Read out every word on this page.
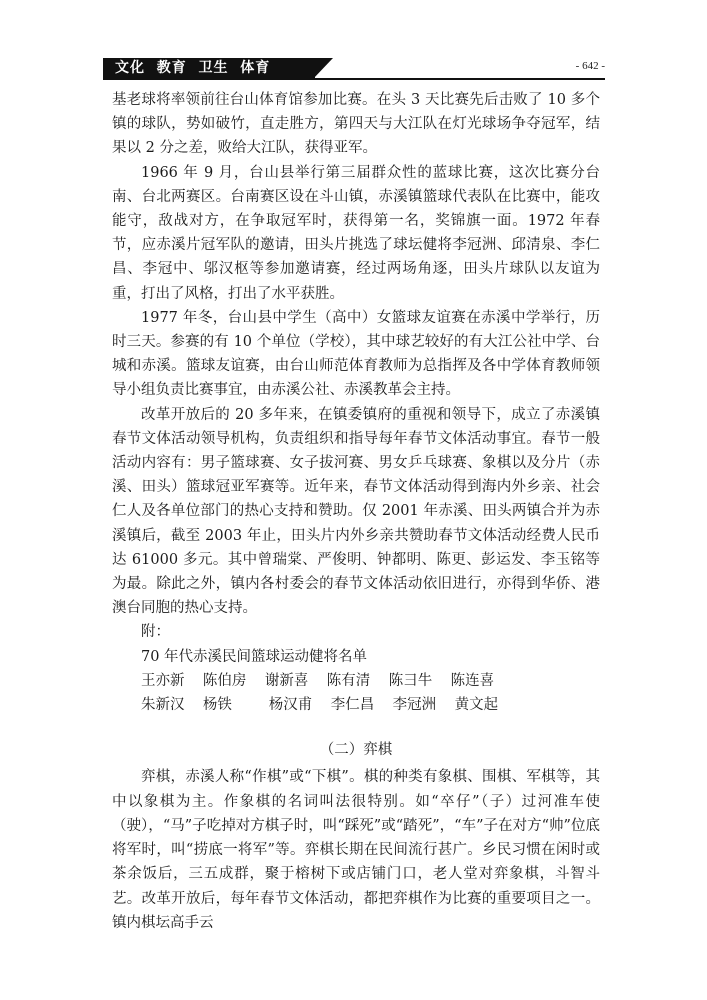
文化  教育  卫生  体育	- 642 -

基老球将率领前往台山体育馆参加比赛。在头 3 天比赛先后击败了 10 多个镇的球队，势如破竹，直走胜方，第四天与大江队在灯光球场争夺冠军，结果以 2 分之差，败给大江队，获得亚军。

1966 年 9 月，台山县举行第三届群众性的蓝球比赛，这次比赛分台南、台北两赛区。台南赛区设在斗山镇，赤溪镇篮球代表队在比赛中，能攻能守，敌战对方，在争取冠军时，获得第一名，奖锦旗一面。1972 年春节，应赤溪片冠军队的邀请，田头片挑选了球坛健将李冠洲、邱清泉、李仁昌、李冠中、邬汉枢等参加邀请赛，经过两场角逐，田头片球队以友谊为重，打出了风格，打出了水平获胜。

1977 年冬，台山县中学生（高中）女篮球友谊赛在赤溪中学举行，历时三天。参赛的有 10 个单位（学校），其中球艺较好的有大江公社中学、台城和赤溪。篮球友谊赛，由台山师范体育教师为总指挥及各中学体育教师领导小组负责比赛事宜，由赤溪公社、赤溪教革会主持。

改革开放后的 20 多年来，在镇委镇府的重视和领导下，成立了赤溪镇春节文体活动领导机构，负责组织和指导每年春节文体活动事宜。春节一般活动内容有：男子篮球赛、女子拔河赛、男女乒乓球赛、象棋以及分片（赤溪、田头）篮球冠亚军赛等。近年来，春节文体活动得到海内外乡亲、社会仁人及各单位部门的热心支持和赞助。仅 2001 年赤溪、田头两镇合并为赤溪镇后，截至 2003 年止，田头片内外乡亲共赞助春节文体活动经费人民币达 61000 多元。其中曾瑞棠、严俊明、钟都明、陈更、彭运发、李玉铭等为最。除此之外，镇内各村委会的春节文体活动依旧进行，亦得到华侨、港澳台同胞的热心支持。

附：

70 年代赤溪民间篮球运动健将名单

王亦新    陈伯房    谢新喜    陈有清    陈彐牛    陈连喜

朱新汉    杨铁        杨汉甫    李仁昌    李冠洲    黄文起

（二）弈棋

弈棋，赤溪人称“作棋”或“下棋”。棋的种类有象棋、围棋、军棋等，其中以象棋为主。作象棋的名词叫法很特别。如“卒仔”（子）过河准车使（驶），“马”子吃掉对方棋子时，叫“踩死”或“踏死”，“车”子在对方“帅”位底将军时，叫“捞底一将军”等。弈棋长期在民间流行甚广。乡民习惯在闲时或茶余饭后，三五成群，聚于榕树下或店铺门口，老人堂对弈象棋，斗智斗艺。改革开放后，每年春节文体活动，都把弈棋作为比赛的重要项目之一。镇内棋坛高手云
